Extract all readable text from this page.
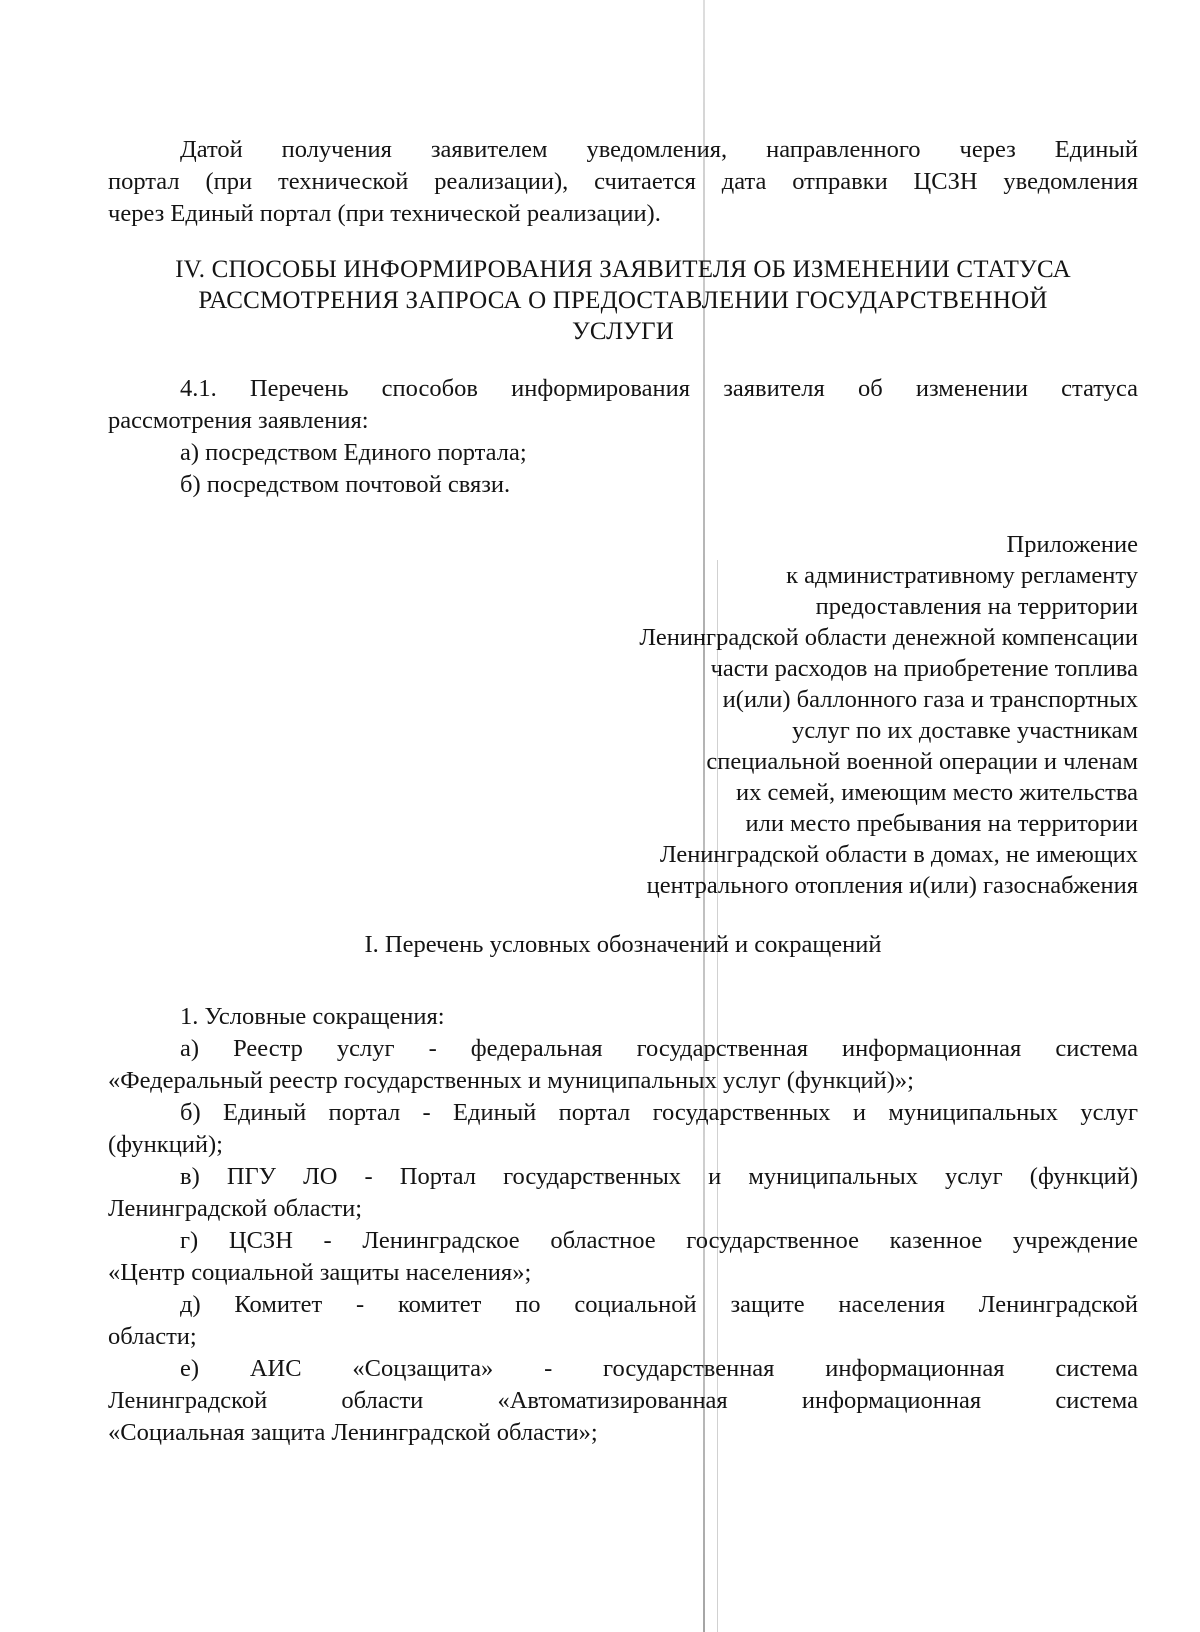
Датой получения заявителем уведомления, направленного через Единый
портал (при технической реализации), считается дата отправки ЦСЗН уведомления
через Единый портал (при технической реализации).
IV. СПОСОБЫ ИНФОРМИРОВАНИЯ ЗАЯВИТЕЛЯ ОБ ИЗМЕНЕНИИ СТАТУСА
РАССМОТРЕНИЯ ЗАПРОСА О ПРЕДОСТАВЛЕНИИ ГОСУДАРСТВЕННОЙ
УСЛУГИ
4.1. Перечень способов информирования заявителя об изменении статуса
рассмотрения заявления:
а) посредством Единого портала;
б) посредством почтовой связи.
Приложение
к административному регламенту
предоставления на территории
Ленинградской области денежной компенсации
части расходов на приобретение топлива
и(или) баллонного газа и транспортных
услуг по их доставке участникам
специальной военной операции и членам
их семей, имеющим место жительства
или место пребывания на территории
Ленинградской области в домах, не имеющих
центрального отопления и(или) газоснабжения
I. Перечень условных обозначений и сокращений
1. Условные сокращения:
а) Реестр услуг - федеральная государственная информационная система
«Федеральный реестр государственных и муниципальных услуг (функций)»;
б) Единый портал - Единый портал государственных и муниципальных услуг
(функций);
в) ПГУ ЛО - Портал государственных и муниципальных услуг (функций)
Ленинградской области;
г) ЦСЗН - Ленинградское областное государственное казенное учреждение
«Центр социальной защиты населения»;
д) Комитет - комитет по социальной защите населения Ленинградской
области;
е) АИС «Соцзащита» - государственная информационная система
Ленинградской области «Автоматизированная информационная система
«Социальная защита Ленинградской области»;
